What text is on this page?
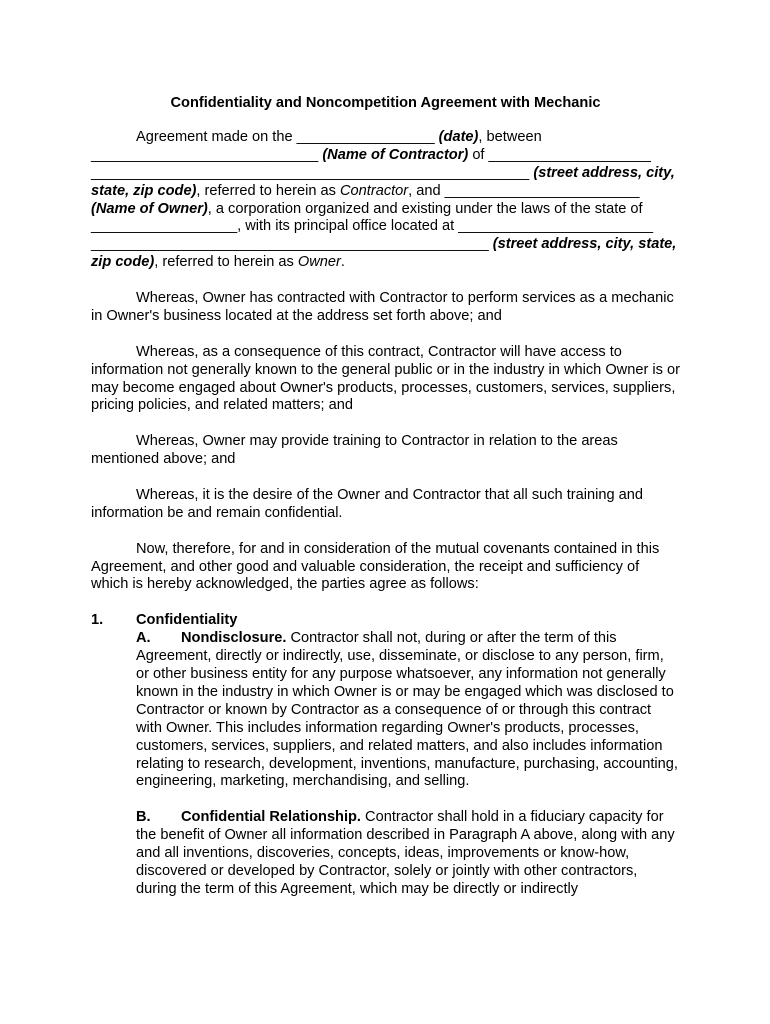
Confidentiality and Noncompetition Agreement with Mechanic

Agreement made on the _________________ (date), between ____________________________ (Name of Contractor) of ____________________ ______________________________________________________ (street address, city, state, zip code), referred to herein as Contractor, and ________________________ (Name of Owner), a corporation organized and existing under the laws of the state of __________________, with its principal office located at ________________________ _________________________________________________ (street address, city, state, zip code), referred to herein as Owner.

Whereas, Owner has contracted with Contractor to perform services as a mechanic in Owner's business located at the address set forth above; and

Whereas, as a consequence of this contract, Contractor will have access to information not generally known to the general public or in the industry in which Owner is or may become engaged about Owner's products, processes, customers, services, suppliers, pricing policies, and related matters; and

Whereas, Owner may provide training to Contractor in relation to the areas mentioned above; and

Whereas, it is the desire of the Owner and Contractor that all such training and information be and remain confidential.

Now, therefore, for and in consideration of the mutual covenants contained in this Agreement, and other good and valuable consideration, the receipt and sufficiency of which is hereby acknowledged, the parties agree as follows:

1.	Confidentiality
A. Nondisclosure. Contractor shall not, during or after the term of this Agreement, directly or indirectly, use, disseminate, or disclose to any person, firm, or other business entity for any purpose whatsoever, any information not generally known in the industry in which Owner is or may be engaged which was disclosed to Contractor or known by Contractor as a consequence of or through this contract with Owner. This includes information regarding Owner's products, processes, customers, services, suppliers, and related matters, and also includes information relating to research, development, inventions, manufacture, purchasing, accounting, engineering, marketing, merchandising, and selling.
B. Confidential Relationship. Contractor shall hold in a fiduciary capacity for the benefit of Owner all information described in Paragraph A above, along with any and all inventions, discoveries, concepts, ideas, improvements or know-how, discovered or developed by Contractor, solely or jointly with other contractors, during the term of this Agreement, which may be directly or indirectly
